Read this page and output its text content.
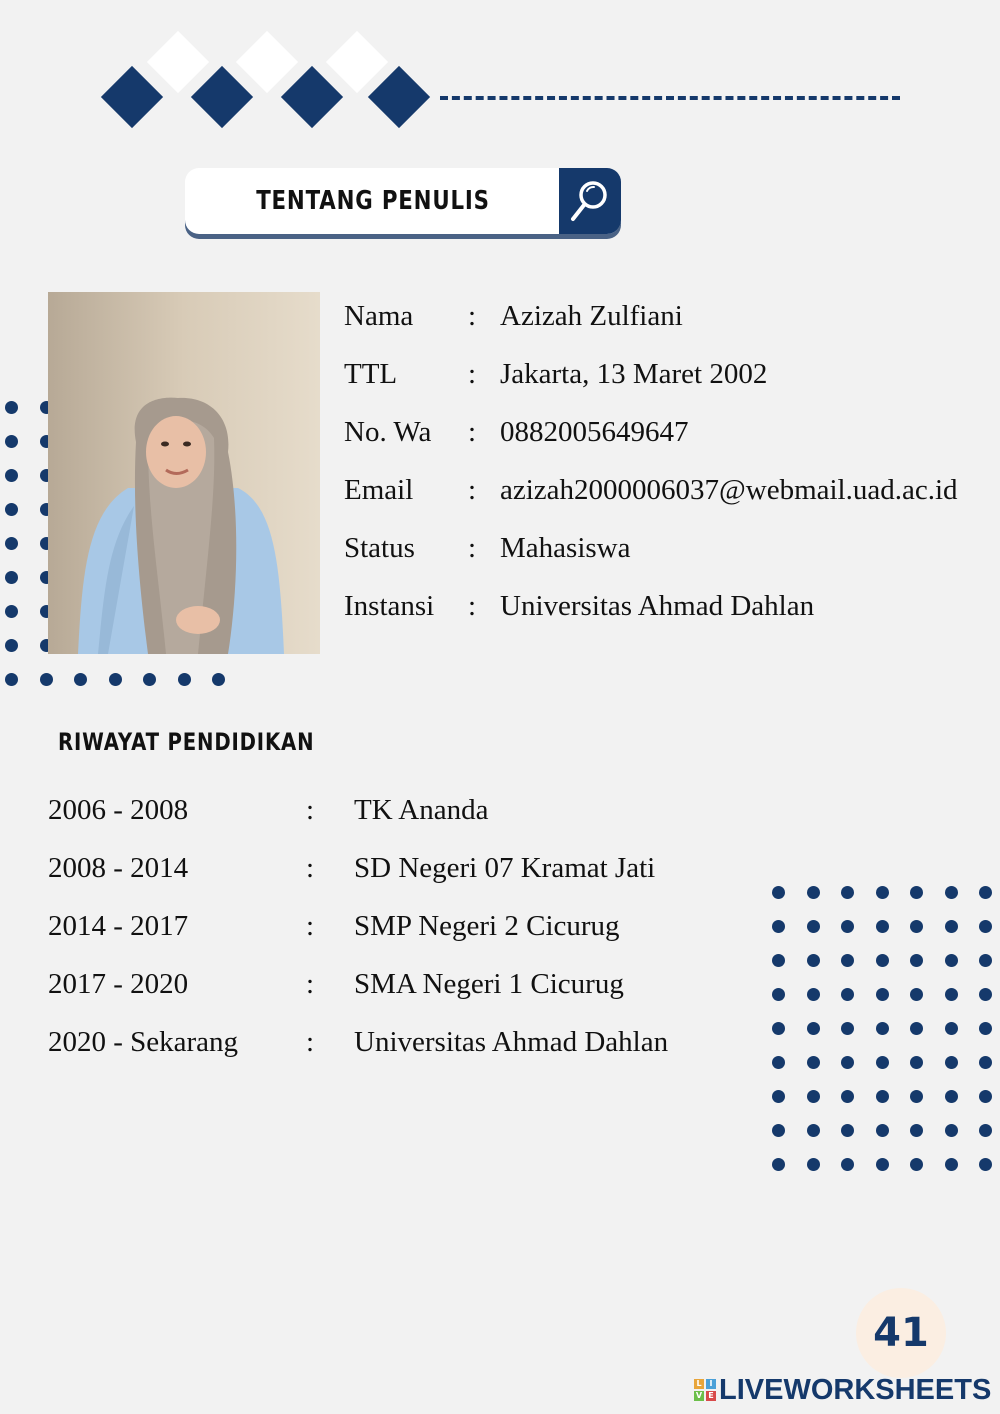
TENTANG PENULIS
Nama : Azizah Zulfiani
TTL : Jakarta, 13 Maret 2002
No. Wa : 0882005649647
Email : azizah2000006037@webmail.uad.ac.id
Status : Mahasiswa
Instansi : Universitas Ahmad Dahlan
RIWAYAT PENDIDIKAN
2006 - 2008	: TK Ananda
2008 - 2014	: SD Negeri 07 Kramat Jati
2014 - 2017	: SMP Negeri 2 Cicurug
2017 - 2020	: SMA Negeri 1 Cicurug
2020 - Sekarang : Universitas Ahmad Dahlan
41
L I
V E LIVEWORKSHEETS
